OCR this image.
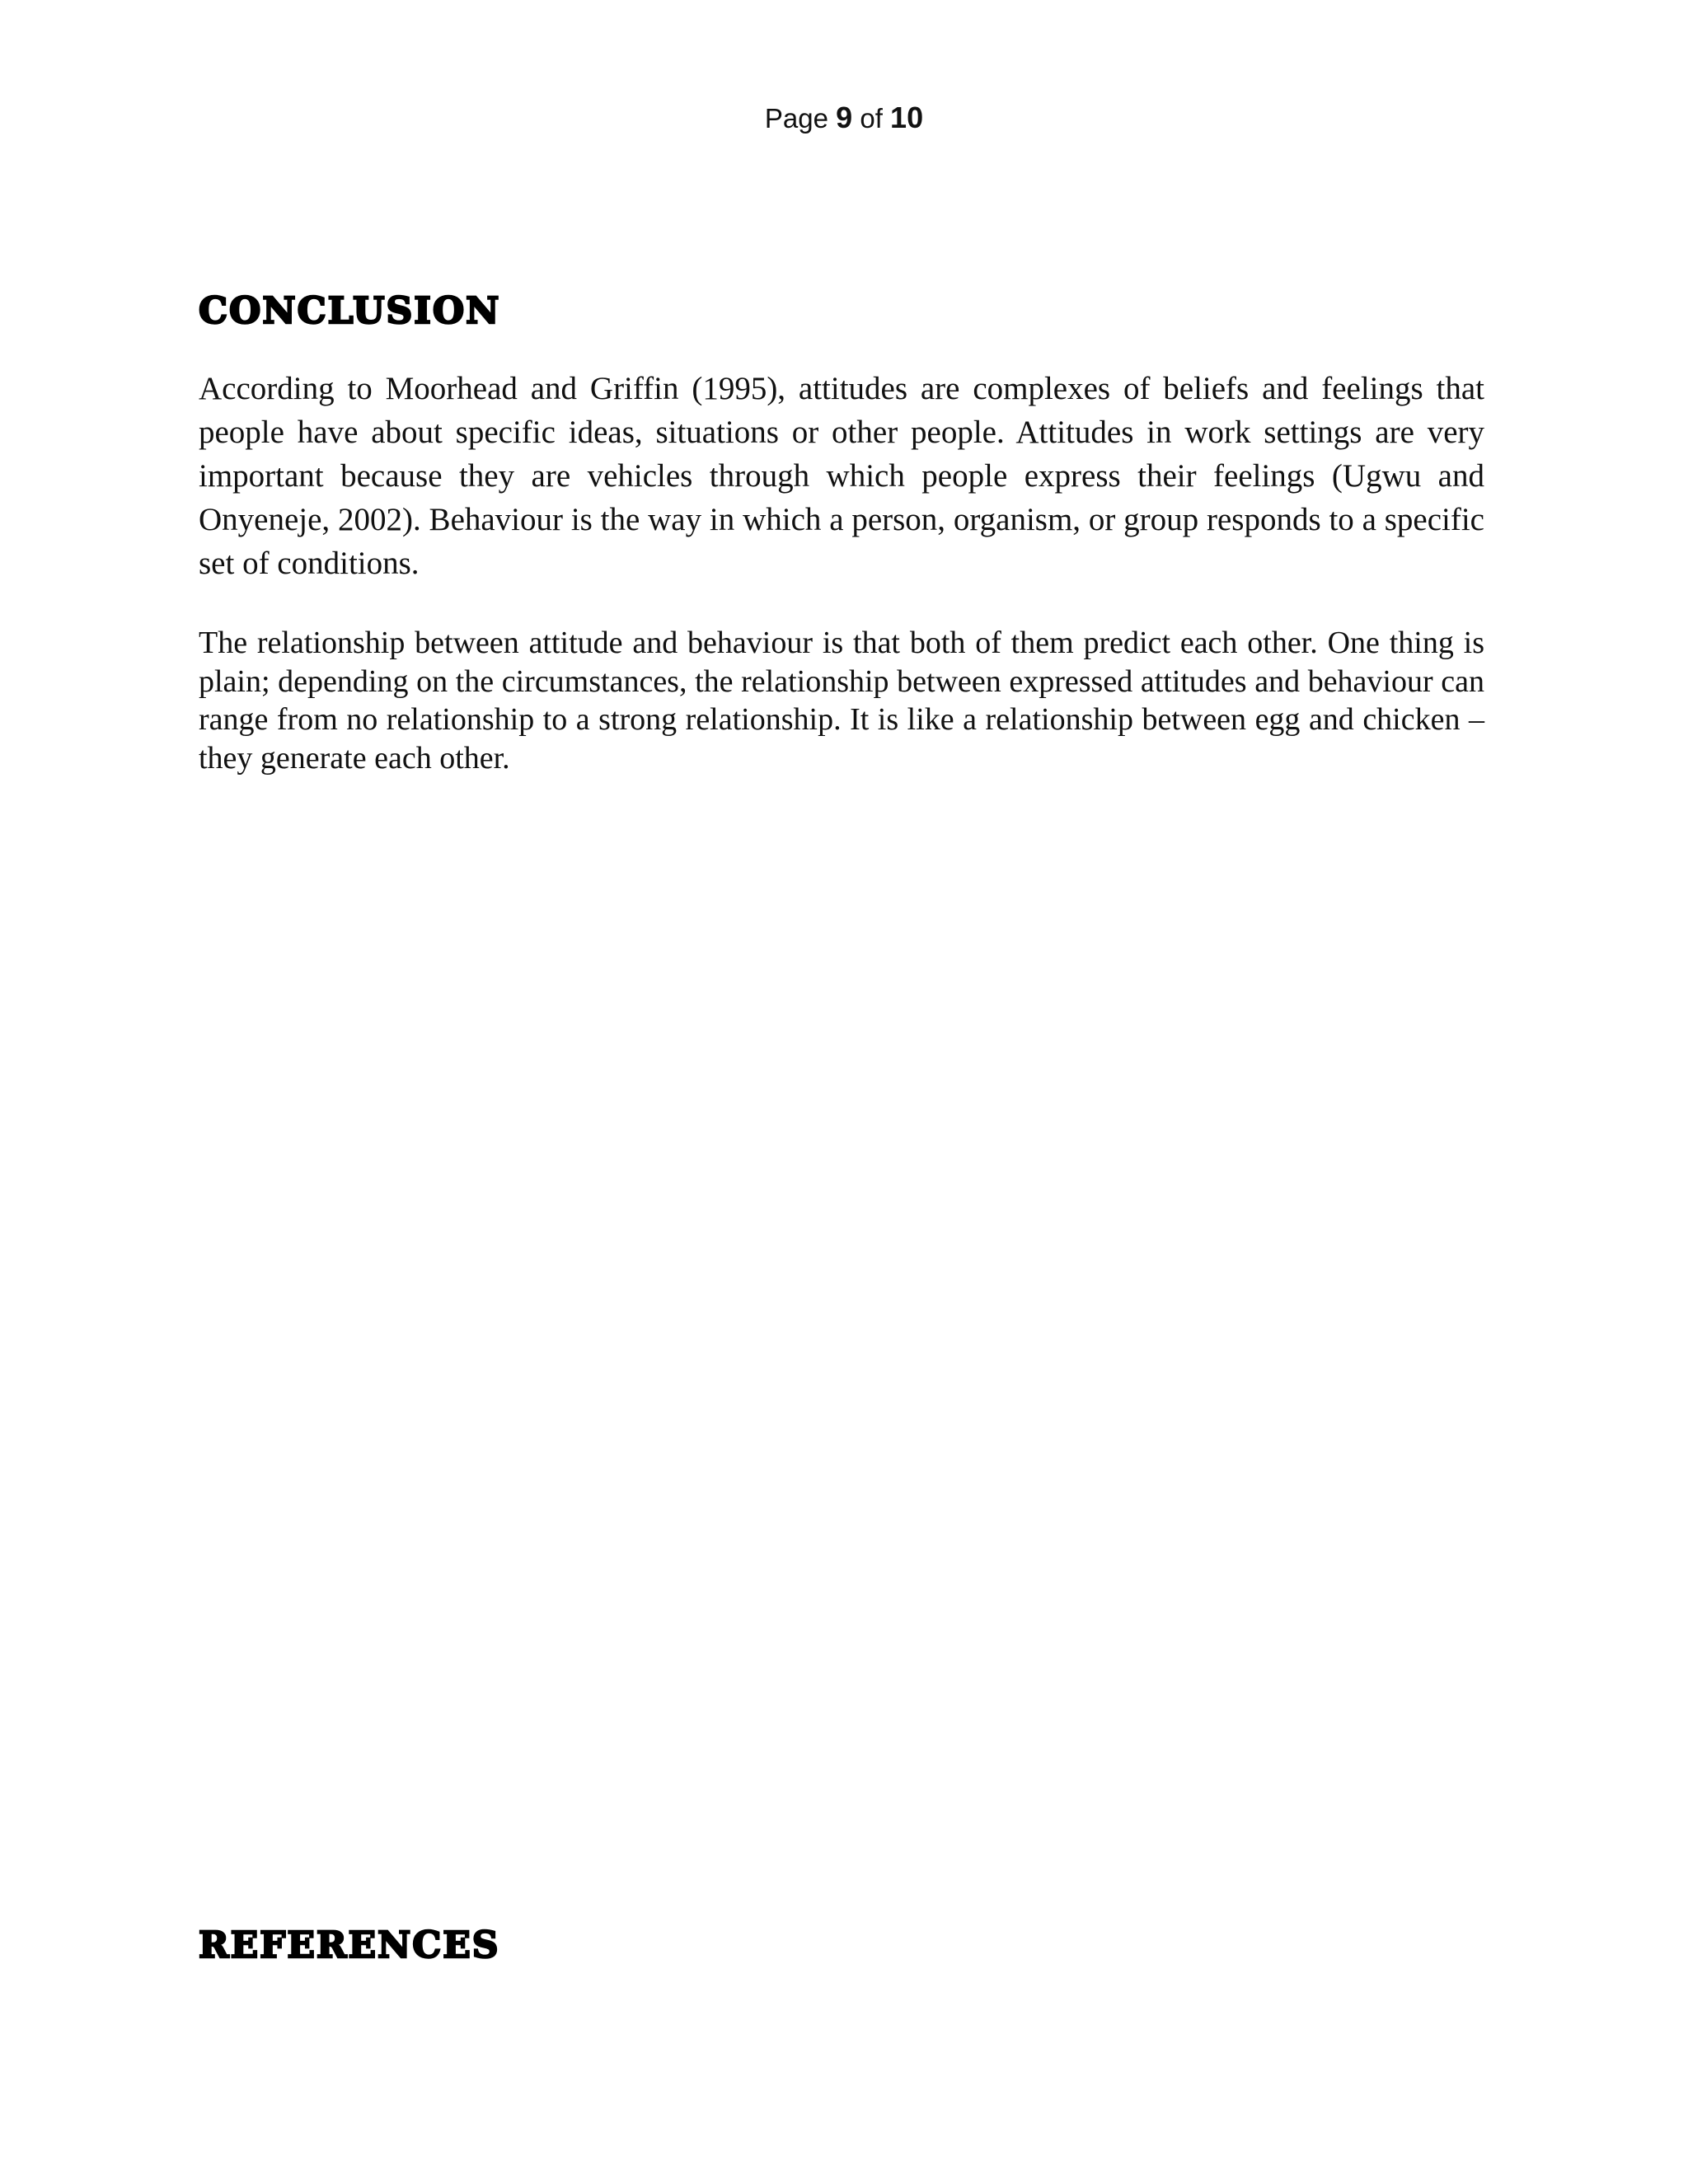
Page 9 of 10
CONCLUSION

According to Moorhead and Griffin (1995), attitudes are complexes of beliefs and feelings that people have about specific ideas, situations or other people. Attitudes in work settings are very important because they are vehicles through which people express their feelings (Ugwu and Onyeneje, 2002). Behaviour is the way in which a person, organism, or group responds to a specific set of conditions.

The relationship between attitude and behaviour is that both of them predict each other. One thing is plain; depending on the circumstances, the relationship between expressed attitudes and behaviour can range from no relationship to a strong relationship. It is like a relationship between egg and chicken – they generate each other.

REFERENCES
